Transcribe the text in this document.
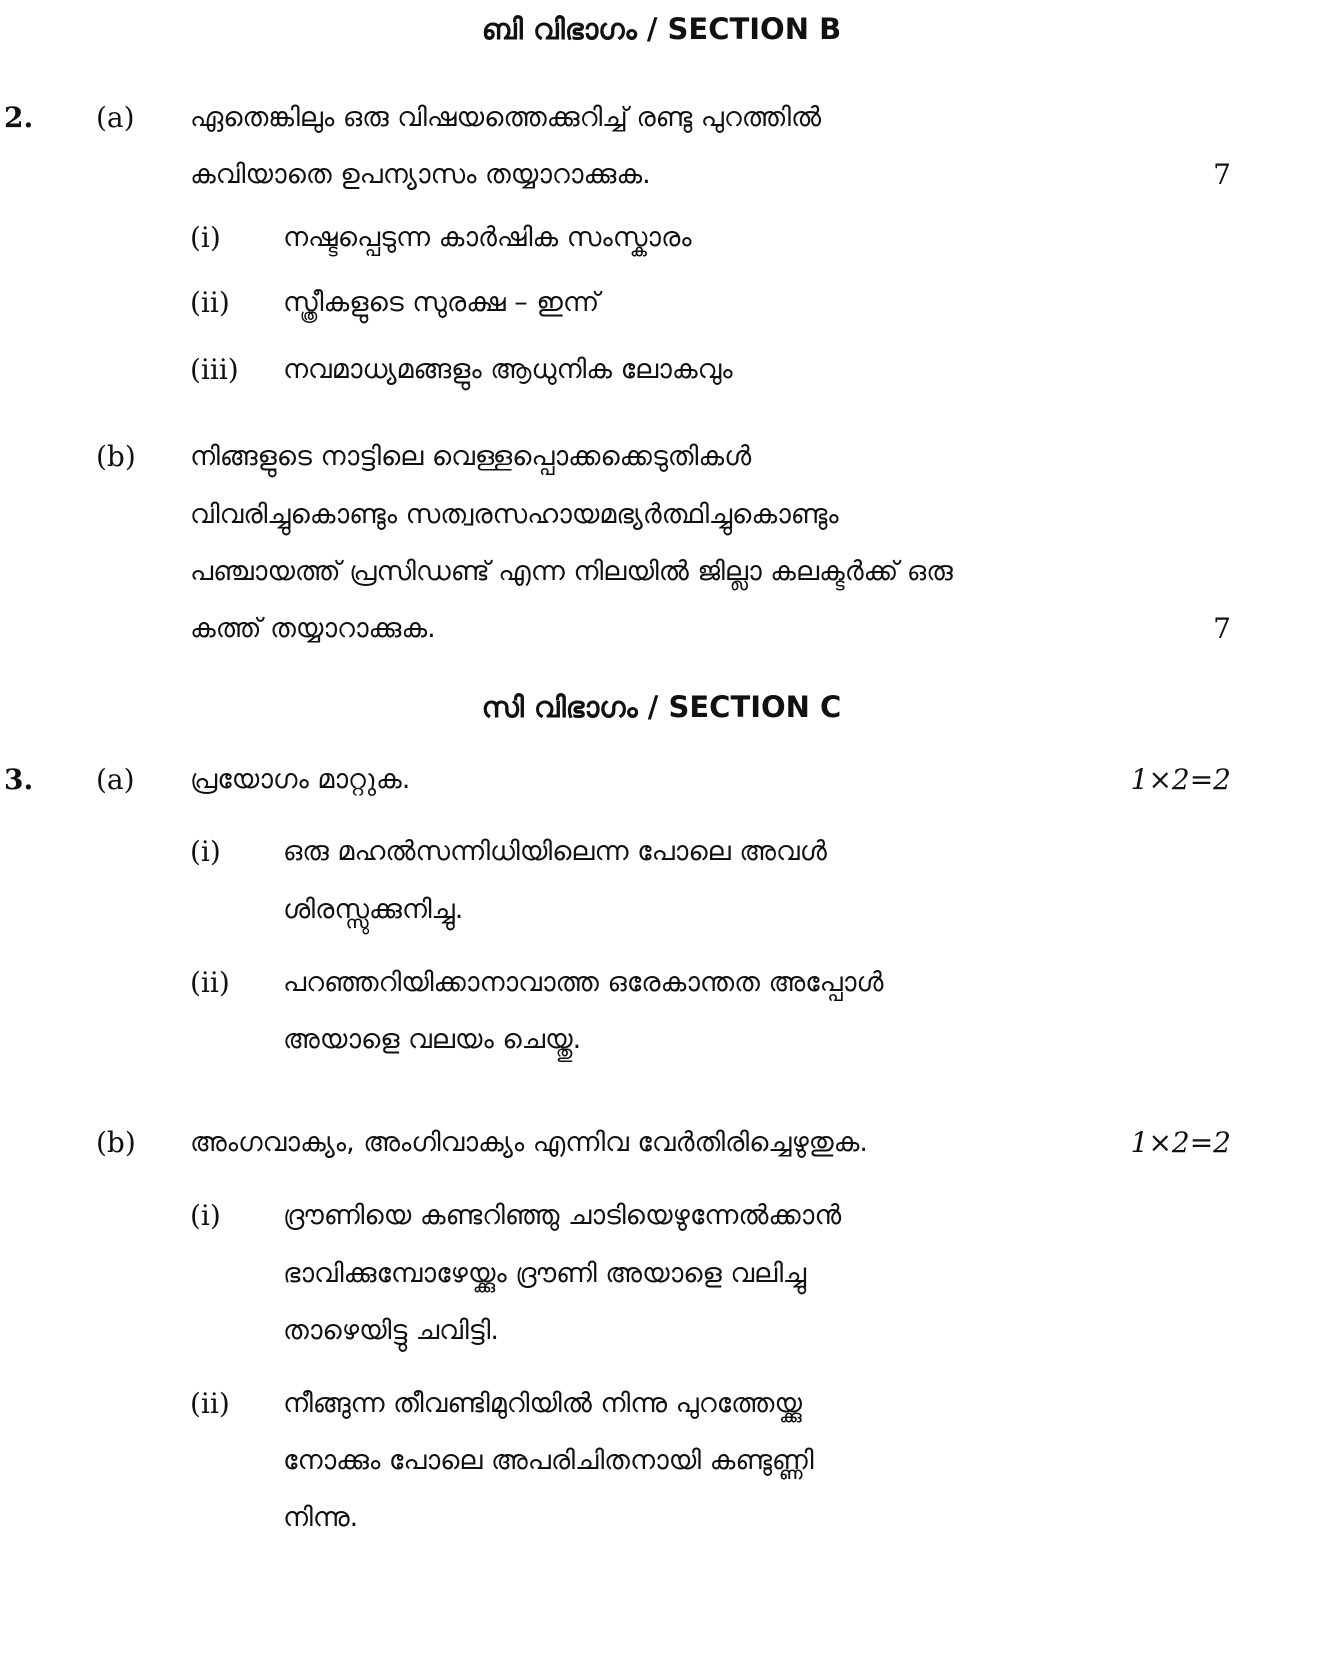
ബി വിഭാഗം / SECTION B
2. (a) ഏതെങ്കിലും ഒരു വിഷയത്തെക്കുറിച്ച് രണ്ടു പുറത്തിൽ
കവിയാതെ ഉപന്യാസം തയ്യാറാക്കുക.	7
(i) നഷ്ടപ്പെടുന്ന കാർഷിക സംസ്കാരം
(ii) സ്ത്രീകളുടെ സുരക്ഷ – ഇന്ന്
(iii) നവമാധ്യമങ്ങളും ആധുനിക ലോകവും
(b) നിങ്ങളുടെ നാട്ടിലെ വെള്ളപ്പൊക്കക്കെടുതികൾ
വിവരിച്ചുകൊണ്ടും സത്വരസഹായമഭ്യർത്ഥിച്ചുകൊണ്ടും
പഞ്ചായത്ത് പ്രസിഡണ്ട് എന്ന നിലയിൽ ജില്ലാ കലക്ടർക്ക് ഒരു
കത്ത് തയ്യാറാക്കുക.	7
സി വിഭാഗം / SECTION C
3. (a) പ്രയോഗം മാറ്റുക.	1×2=2
(i) ഒരു മഹൽസന്നിധിയിലെന്ന പോലെ അവൾ
ശിരസ്സുക്കുനിച്ചു.
(ii) പറഞ്ഞറിയിക്കാനാവാത്ത ഒരേകാന്തത അപ്പോൾ
അയാളെ വലയം ചെയ്തു.
(b) അംഗവാക്യം, അംഗിവാക്യം എന്നിവ വേർതിരിച്ചെഴുതുക.	1×2=2
(i) ദ്രൗണിയെ കണ്ടറിഞ്ഞു ചാടിയെഴുന്നേൽക്കാൻ
ഭാവിക്കുമ്പോഴേയ്ക്കും ദ്രൗണി അയാളെ വലിച്ചു
താഴെയിട്ടു ചവിട്ടി.
(ii) നീങ്ങുന്ന തീവണ്ടിമുറിയിൽ നിന്നു പുറത്തേയ്ക്കു
നോക്കും പോലെ അപരിചിതനായി കണ്ടുണ്ണി
നിന്നു.
